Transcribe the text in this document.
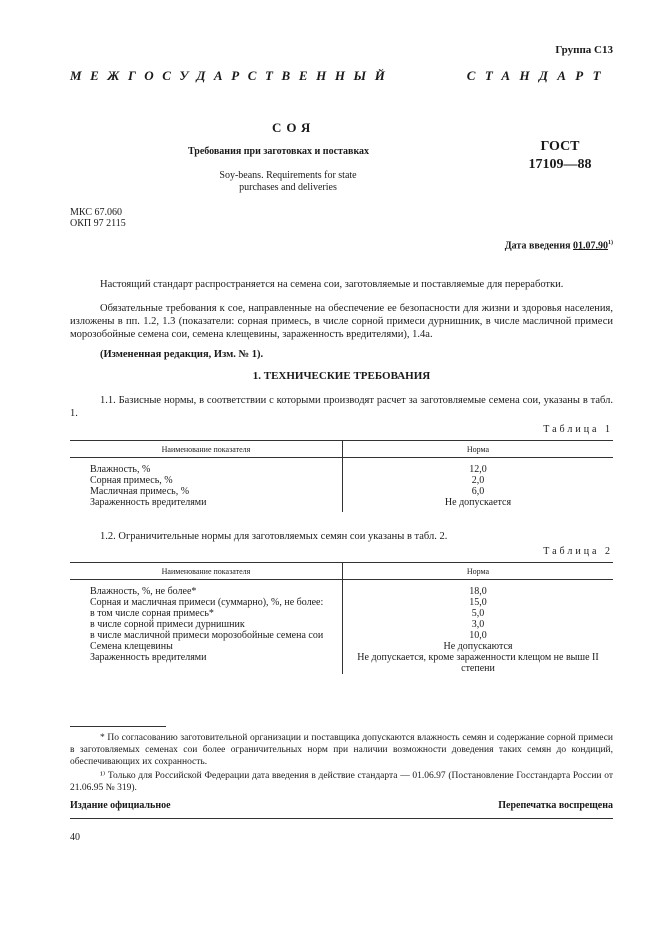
Группа С13
МЕЖГОСУДАРСТВЕННЫЙ	СТАНДАРТ
СОЯ
Требования при заготовках и поставках
Soy-beans. Requirements for state
purchases and deliveries
ГОСТ
17109—88
МКС 67.060
ОКП 97 2115
Дата введения 01.07.90$^{1)}$
Настоящий стандарт распространяется на семена сои, заготовляемые и поставляемые для переработки.
Обязательные требования к сое, направленные на обеспечение ее безопасности для жизни и здоровья населения, изложены в пп. 1.2, 1.3 (показатели: сорная примесь, в числе сорной примеси дурнишник, в числе масличной примеси морозобойные семена сои, семена клещевины, зараженность вредителями), 1.4а.
(Измененная редакция, Изм. № 1).
1. ТЕХНИЧЕСКИЕ ТРЕБОВАНИЯ
1.1. Базисные нормы, в соответствии с которыми производят расчет за заготовляемые семена сои, указаны в табл. 1.
Таблица 1
Наименование показателя	Норма
Влажность, %	12,0
Сорная примесь, %	2,0
Масличная примесь, %	6,0
Зараженность вредителями	Не допускается
1.2. Ограничительные нормы для заготовляемых семян сои указаны в табл. 2.
Таблица 2
Наименование показателя	Норма
Влажность, %, не более*	18,0
Сорная и масличная примеси (суммарно), %, не более:	15,0
в том числе сорная примесь*	5,0
в числе сорной примеси дурнишник	3,0
в числе масличной примеси морозобойные семена сои	10,0
Семена клещевины	Не допускаются
Зараженность вредителями	Не допускается, кроме зараженности клещом не выше II степени
* По согласованию заготовительной организации и поставщика допускаются влажность семян и содержание сорной примеси в заготовляемых семенах сои более ограничительных норм при наличии возможности доведения таких семян до кондиций, обеспечивающих их сохранность.
¹⁾ Только для Российской Федерации дата введения в действие стандарта — 01.06.97 (Постановление Госстандарта России от 21.06.95 № 319).
Издание официальное	Перепечатка воспрещена
40
